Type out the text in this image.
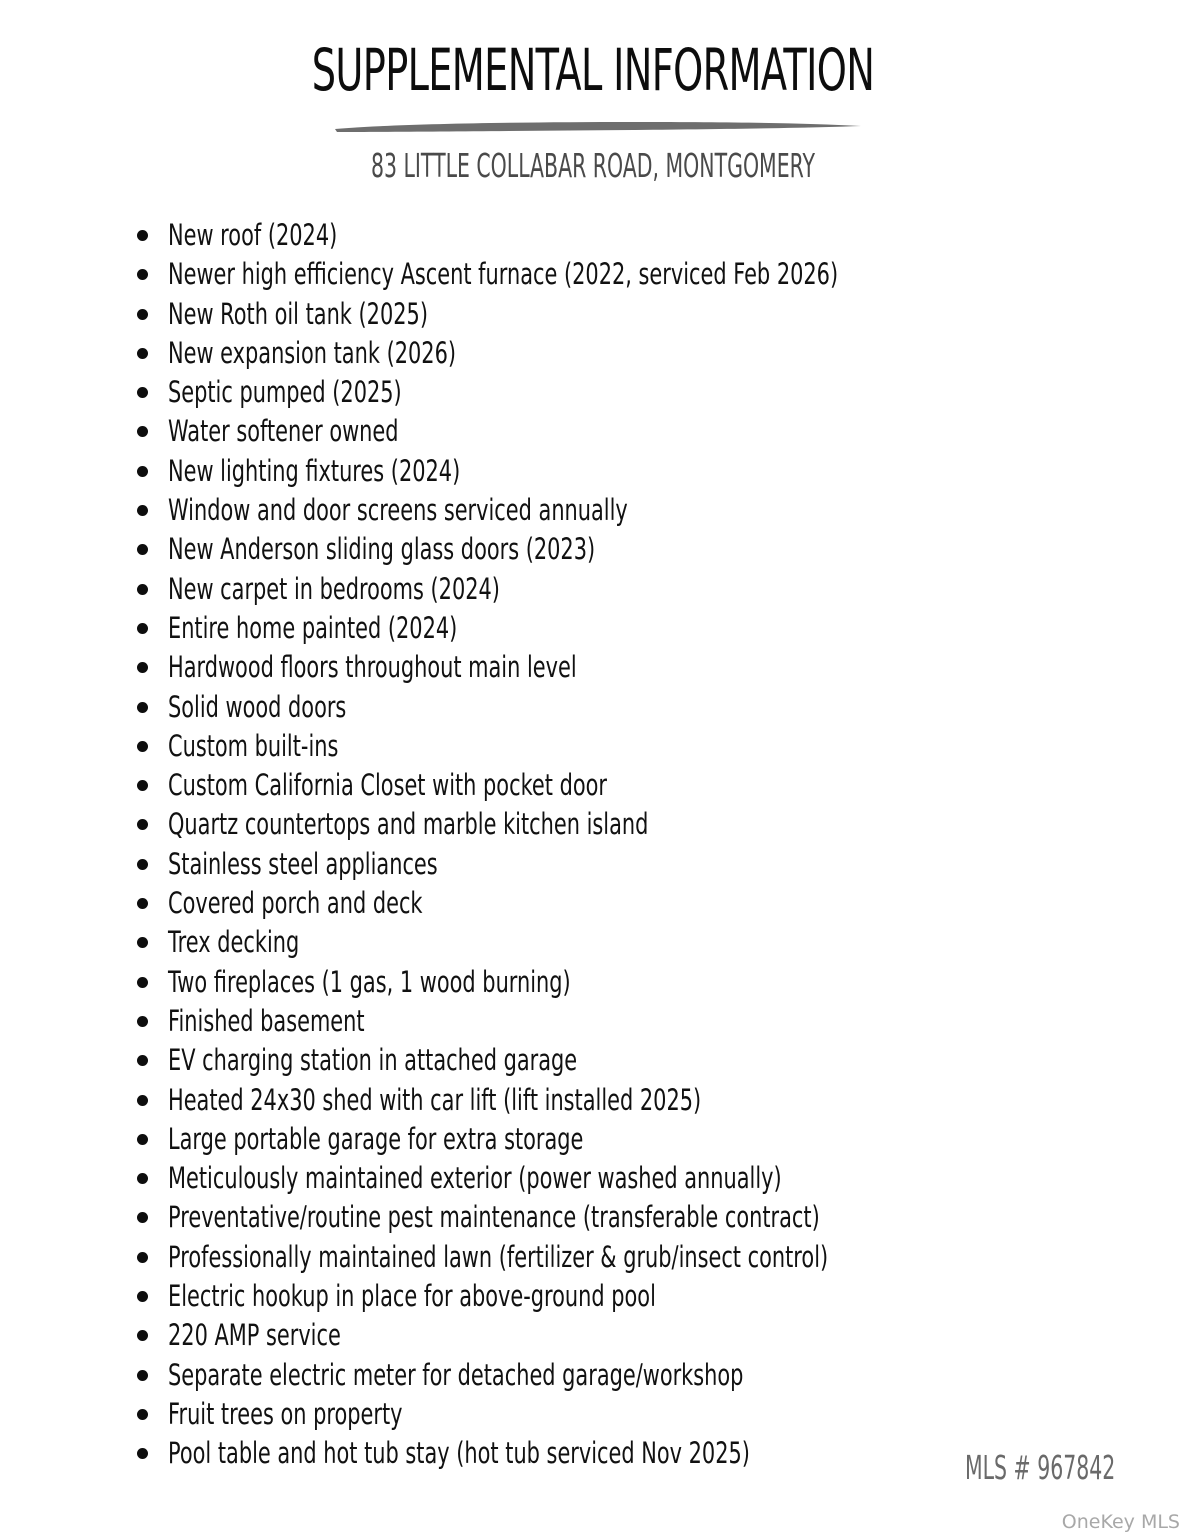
SUPPLEMENTAL INFORMATION
83 LITTLE COLLABAR ROAD, MONTGOMERY
New roof (2024)
Newer high efficiency Ascent furnace (2022, serviced Feb 2026)
New Roth oil tank (2025)
New expansion tank (2026)
Septic pumped (2025)
Water softener owned
New lighting fixtures (2024)
Window and door screens serviced annually
New Anderson sliding glass doors (2023)
New carpet in bedrooms (2024)
Entire home painted (2024)
Hardwood floors throughout main level
Solid wood doors
Custom built-ins
Custom California Closet with pocket door
Quartz countertops and marble kitchen island
Stainless steel appliances
Covered porch and deck
Trex decking
Two fireplaces (1 gas, 1 wood burning)
Finished basement
EV charging station in attached garage
Heated 24x30 shed with car lift (lift installed 2025)
Large portable garage for extra storage
Meticulously maintained exterior (power washed annually)
Preventative/routine pest maintenance (transferable contract)
Professionally maintained lawn (fertilizer & grub/insect control)
Electric hookup in place for above-ground pool
220 AMP service
Separate electric meter for detached garage/workshop
Fruit trees on property
Pool table and hot tub stay (hot tub serviced Nov 2025)	MLS # 967842
OneKey MLS
